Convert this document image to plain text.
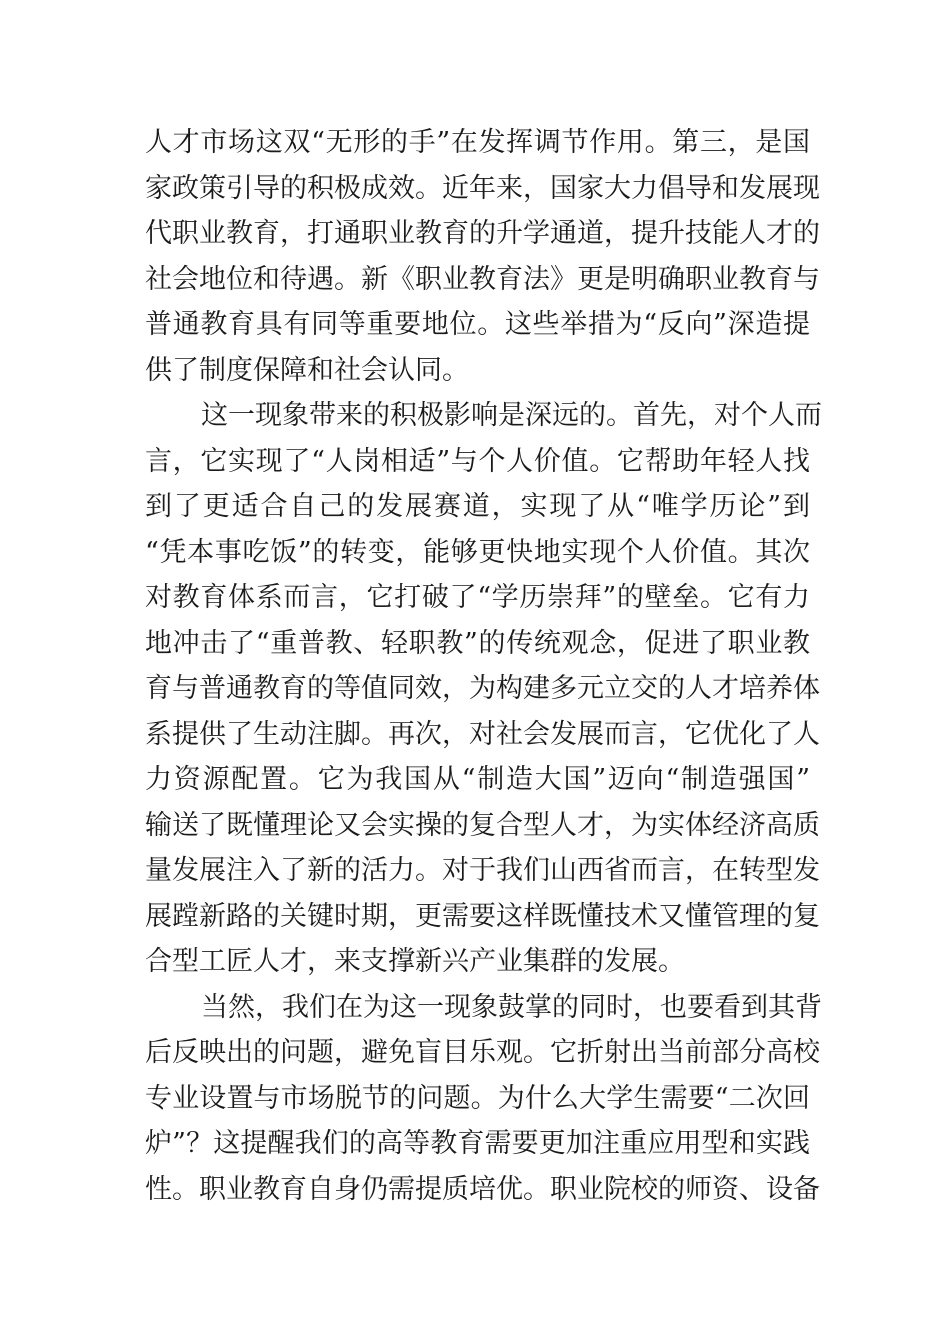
人才市场这双“无形的手”在发挥调节作用。第三，是国
家政策引导的积极成效。近年来，国家大力倡导和发展现
代职业教育，打通职业教育的升学通道，提升技能人才的
社会地位和待遇。新《职业教育法》更是明确职业教育与
普通教育具有同等重要地位。这些举措为“反向”深造提
供了制度保障和社会认同。
这一现象带来的积极影响是深远的。首先，对个人而
言，它实现了“人岗相适”与个人价值。它帮助年轻人找
到了更适合自己的发展赛道，实现了从“唯学历论”到
“凭本事吃饭”的转变，能够更快地实现个人价值。其次
对教育体系而言，它打破了“学历崇拜”的壁垒。它有力
地冲击了“重普教、轻职教”的传统观念，促进了职业教
育与普通教育的等值同效，为构建多元立交的人才培养体
系提供了生动注脚。再次，对社会发展而言，它优化了人
力资源配置。它为我国从“制造大国”迈向“制造强国”
输送了既懂理论又会实操的复合型人才，为实体经济高质
量发展注入了新的活力。对于我们山西省而言，在转型发
展蹚新路的关键时期，更需要这样既懂技术又懂管理的复
合型工匠人才，来支撑新兴产业集群的发展。
当然，我们在为这一现象鼓掌的同时，也要看到其背
后反映出的问题，避免盲目乐观。它折射出当前部分高校
专业设置与市场脱节的问题。为什么大学生需要“二次回
炉”？这提醒我们的高等教育需要更加注重应用型和实践
性。职业教育自身仍需提质培优。职业院校的师资、设备
